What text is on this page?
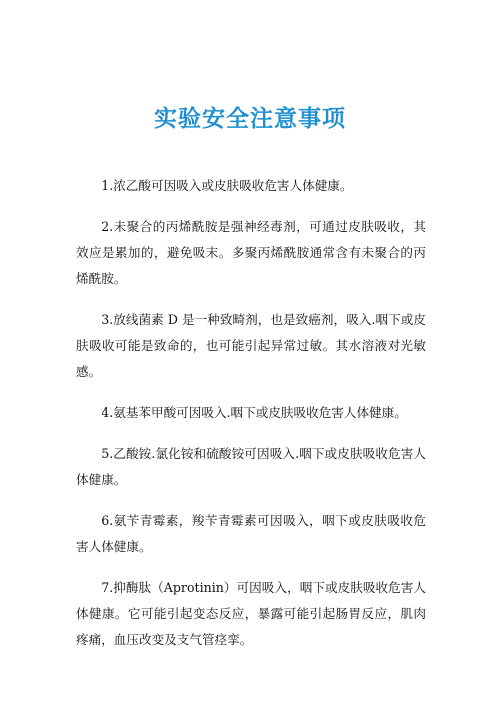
实验安全注意事项

1.浓乙酸可因吸入或皮肤吸收危害人体健康。

2.未聚合的丙烯酰胺是强神经毒剂，可通过皮肤吸收，其效应是累加的，避免吸末。多聚丙烯酰胺通常含有未聚合的丙烯酰胺。

3.放线菌素 D 是一种致畸剂，也是致癌剂，吸入.咽下或皮肤吸收可能是致命的，也可能引起异常过敏。其水溶液对光敏感。

4.氨基苯甲酸可因吸入.咽下或皮肤吸收危害人体健康。

5.乙酸铵.氯化铵和硫酸铵可因吸入.咽下或皮肤吸收危害人体健康。

6.氨苄青霉素，羧苄青霉素可因吸入，咽下或皮肤吸收危害人体健康。

7.抑酶肽（Aprotinin）可因吸入，咽下或皮肤吸收危害人体健康。它可能引起变态反应，暴露可能引起肠胃反应，肌肉疼痛，血压改变及支气管痉挛。
